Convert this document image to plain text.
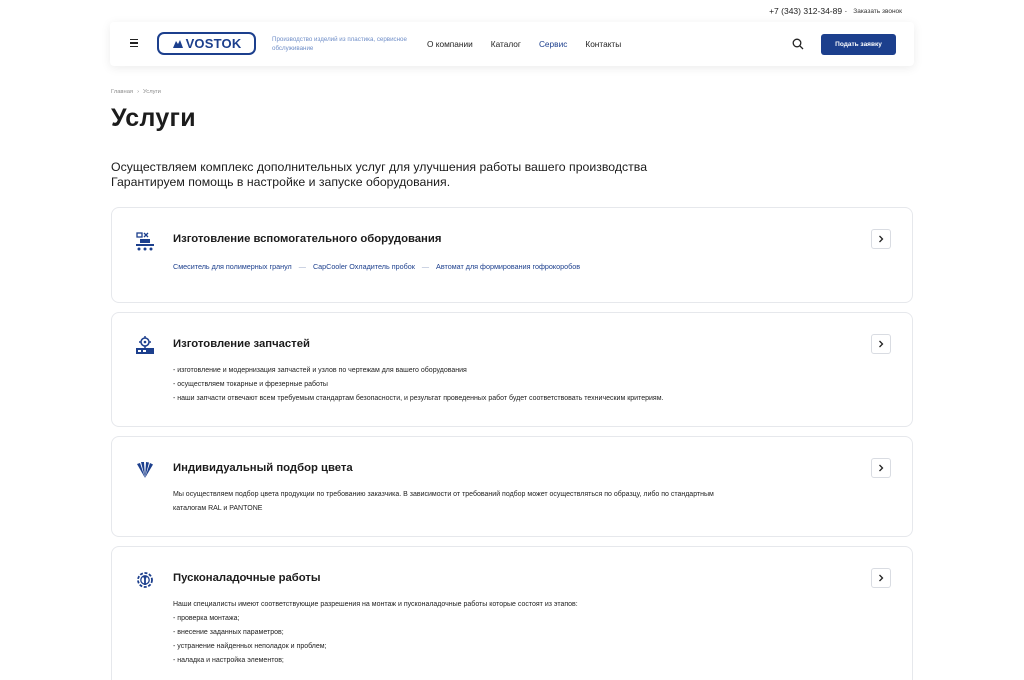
+7 (343) 312-34-89 · Заказать звонок
VOSTOK	Производство изделий из пластика, сервисное обслуживание	О компании Каталог Сервис Контакты	Подать заявку
Главная › Услуги
Услуги
Осуществляем комплекс дополнительных услуг для улучшения работы вашего производства
Гарантируем помощь в настройке и запуске оборудования.
Изготовление вспомогательного оборудования
Смеситель для полимерных гранул — CapCooler Охладитель пробок — Автомат для формирования гофрокоробов
Изготовление запчастей
- изготовление и модернизация запчастей и узлов по чертежам для вашего оборудования
- осуществляем токарные и фрезерные работы
- наши запчасти отвечают всем требуемым стандартам безопасности, и результат проведенных работ будет соответствовать техническим критериям.
Индивидуальный подбор цвета
Мы осуществляем подбор цвета продукции по требованию заказчика. В зависимости от требований подбор может осуществляться по образцу, либо по стандартным
каталогам RAL и PANTONE
Пусконаладочные работы
Наши специалисты имеют соответствующие разрешения на монтаж и пусконаладочные работы которые состоят из этапов:
- проверка монтажа;
- внесение заданных параметров;
- устранение найденных неполадок и проблем;
- наладка и настройка элементов;
